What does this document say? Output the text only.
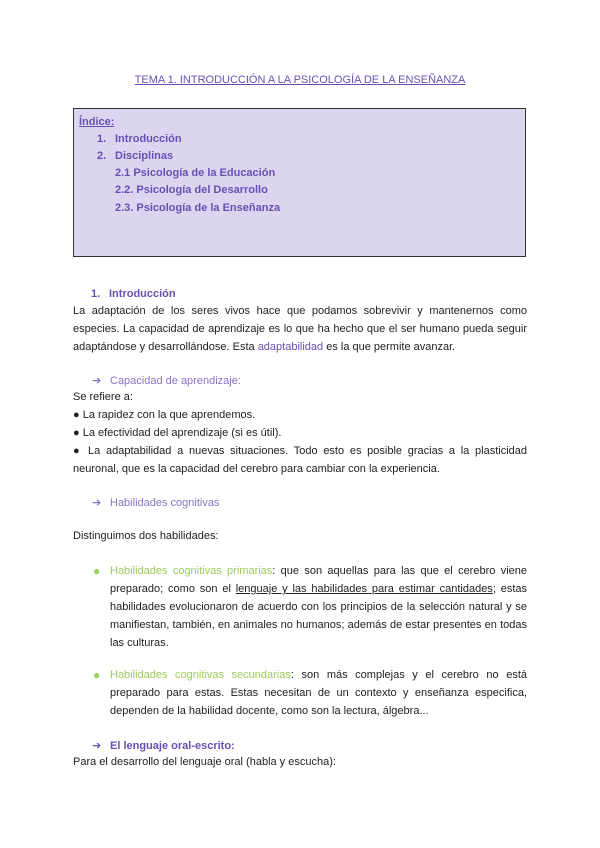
TEMA 1. INTRODUCCIÓN A LA PSICOLOGÍA DE LA ENSEÑANZA
Índice:
1. Introducción
2. Disciplinas
2.1 Psicología de la Educación
2.2. Psicología del Desarrollo
2.3. Psicología de la Enseñanza
1. Introducción
La adaptación de los seres vivos hace que podamos sobrevivir y mantenernos como especies. La capacidad de aprendizaje es lo que ha hecho que el ser humano pueda seguir adaptándose y desarrollándose. Esta adaptabilidad es la que permite avanzar.
➔ Capacidad de aprendizaje:
Se refiere a:
● La rapidez con la que aprendemos.
● La efectividad del aprendizaje (si es útil).
● La adaptabilidad a nuevas situaciones. Todo esto es posible gracias a la plasticidad neuronal, que es la capacidad del cerebro para cambiar con la experiencia.
➔ Habilidades cognitivas
Distinguimos dos habilidades:
● Habilidades cognitivas primarias: que son aquellas para las que el cerebro viene preparado; como son el lenguaje y las habilidades para estimar cantidades; estas habilidades evolucionaron de acuerdo con los principios de la selección natural y se manifiestan, también, en animales no humanos; además de estar presentes en todas las culturas.
● Habilidades cognitivas secundarias: son más complejas y el cerebro no está preparado para estas. Estas necesitan de un contexto y enseñanza especifica, dependen de la habilidad docente, como son la lectura, álgebra...
➔ El lenguaje oral-escrito:
Para el desarrollo del lenguaje oral (habla y escucha):
